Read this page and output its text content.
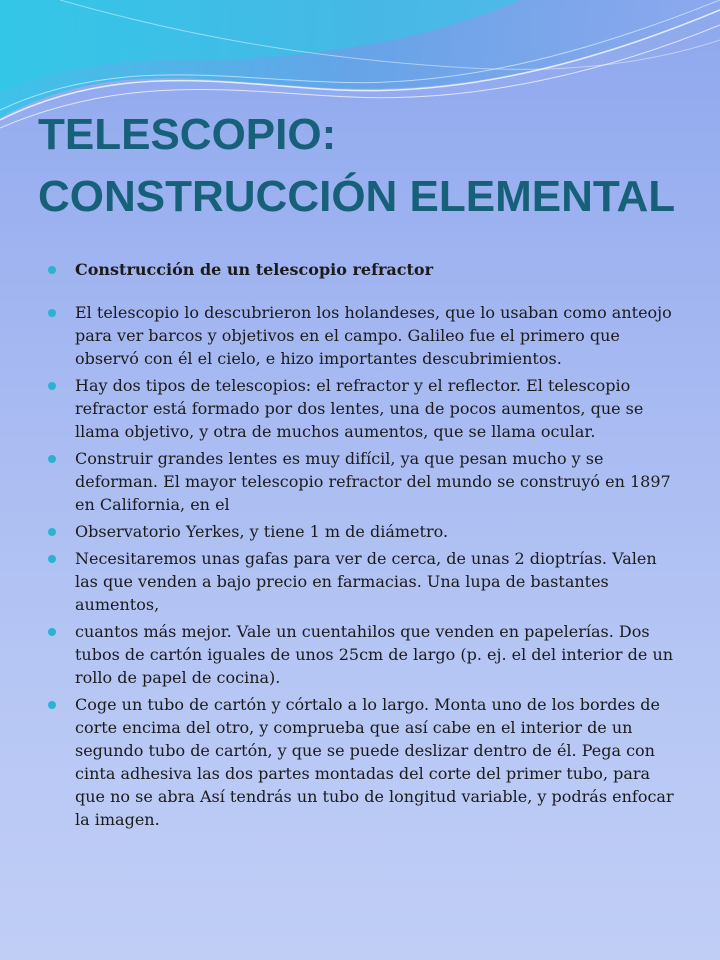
TELESCOPIO:
CONSTRUCCIÓN ELEMENTAL
Construcción de un telescopio refractor
El telescopio lo descubrieron los holandeses, que lo usaban como anteojo para ver barcos y objetivos en el campo. Galileo fue el primero que observó con él el cielo, e hizo importantes descubrimientos.
Hay dos tipos de telescopios: el refractor y el reflector. El telescopio refractor está formado por dos lentes, una de pocos aumentos, que se llama objetivo, y otra de muchos aumentos, que se llama ocular.
Construir grandes lentes es muy difícil, ya que pesan mucho y se deforman. El mayor telescopio refractor del mundo se construyó en 1897 en California, en el
Observatorio Yerkes, y tiene 1 m de diámetro.
Necesitaremos unas gafas para ver de cerca, de unas 2 dioptrías. Valen las que venden a bajo precio en farmacias. Una lupa de bastantes aumentos,
cuantos más mejor. Vale un cuentahilos que venden en papelerías. Dos tubos de cartón iguales de unos 25cm de largo (p. ej. el del interior de un rollo de papel de cocina).
Coge un tubo de cartón y córtalo a lo largo. Monta uno de los bordes de corte encima del otro, y comprueba que así cabe en el interior de un segundo tubo de cartón, y que se puede deslizar dentro de él. Pega con cinta adhesiva las dos partes montadas del corte del primer tubo, para que no se abra Así tendrás un tubo de longitud variable, y podrás enfocar la imagen.
